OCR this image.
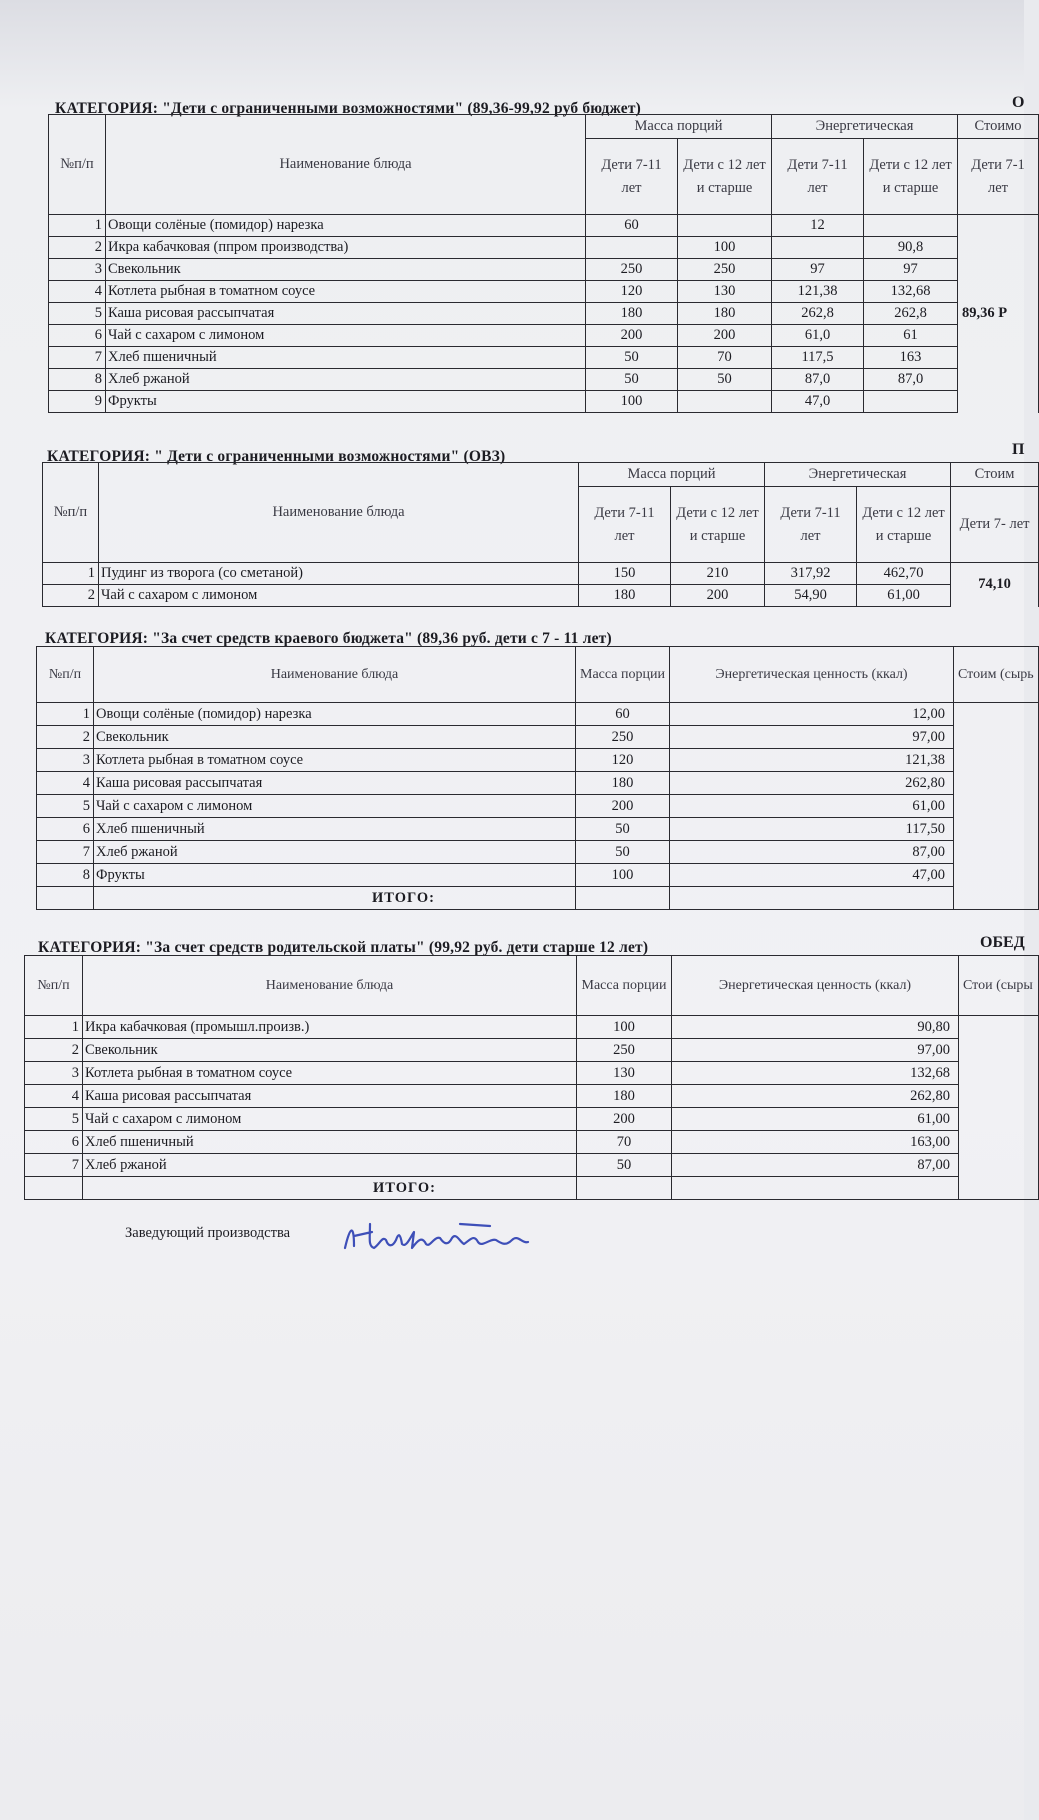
КАТЕГОРИЯ: "Дети с ограниченными возможностями" (89,36-99,92 руб бюджет)	О
№п/п	Наименование блюда	Масса порций		Энергетическая		Стоимо
		Дети 7-11 лет	Дети с 12 лет и старше	Дети 7-11 лет	Дети с 12 лет и старше	Дети 7-1 лет
1	Овощи солёные (помидор) нарезка	60		12		89,36 Р
2	Икра кабачковая (ппром производства)		100		90,8	
3	Свекольник	250	250	97	97	
4	Котлета рыбная в томатном соусе	120	130	121,38	132,68	
5	Каша рисовая рассыпчатая	180	180	262,8	262,8	
6	Чай с сахаром с лимоном	200	200	61,0	61	
7	Хлеб пшеничный	50	70	117,5	163	
8	Хлеб ржаной	50	50	87,0	87,0	
9	Фрукты	100		47,0		
КАТЕГОРИЯ: " Дети с ограниченными возможностями" (ОВЗ)	П
№п/п	Наименование блюда	Масса порций		Энергетическая		Стоим
		Дети 7-11 лет	Дети с 12 лет и старше	Дети 7-11 лет	Дети с 12 лет и старше	Дети 7- лет
1	Пудинг из творога (со сметаной)	150	210	317,92	462,70	74,10
2	Чай с сахаром с лимоном	180	200	54,90	61,00	
КАТЕГОРИЯ: "За счет средств краевого бюджета" (89,36 руб. дети с 7 - 11 лет)
№п/п	Наименование блюда	Масса порции	Энергетическая ценность (ккал)	Стоим (сырь
1	Овощи солёные (помидор) нарезка	60	12,00	
2	Свекольник	250	97,00	
3	Котлета рыбная в томатном соусе	120	121,38	
4	Каша рисовая рассыпчатая	180	262,80	
5	Чай с сахаром с лимоном	200	61,00	
6	Хлеб пшеничный	50	117,50	
7	Хлеб ржаной	50	87,00	
8	Фрукты	100	47,00	
	ИТОГО:			
КАТЕГОРИЯ: "За счет средств родительской платы" (99,92 руб. дети старше 12 лет)	ОБЕД
№п/п	Наименование блюда	Масса порции	Энергетическая ценность (ккал)	Стои (сыры
1	Икра кабачковая (промышл.произв.)	100	90,80	
2	Свекольник	250	97,00	
3	Котлета рыбная в томатном соусе	130	132,68	
4	Каша рисовая рассыпчатая	180	262,80	
5	Чай с сахаром с лимоном	200	61,00	
6	Хлеб пшеничный	70	163,00	
7	Хлеб ржаной	50	87,00	
	ИТОГО:			
Заведующий производства
